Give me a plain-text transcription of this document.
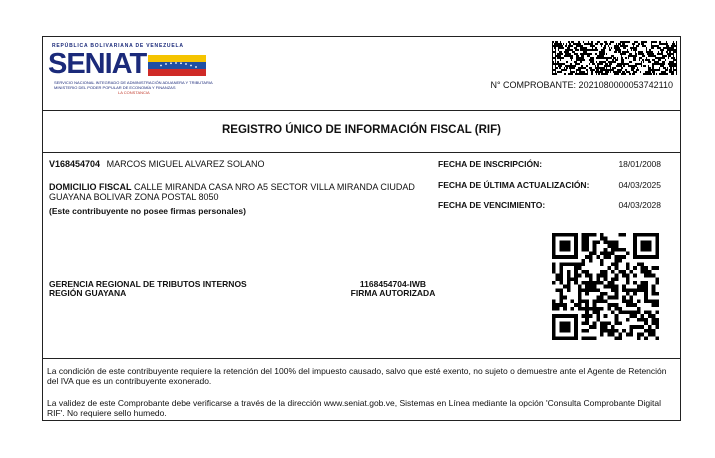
REPÚBLICA BOLIVARIANA DE VENEZUELA
SENIAT
SERVICIO NACIONAL INTEGRADO DE ADMINISTRACIÓN ADUANERA Y TRIBUTARIA
MINISTERIO DEL PODER POPULAR DE ECONOMÍA Y FINANZAS
LA CONSTANCIA
N° COMPROBANTE: 2021080000053742110
REGISTRO ÚNICO DE INFORMACIÓN FISCAL (RIF)
V168454704 MARCOS MIGUEL ALVAREZ SOLANO
DOMICILIO FISCAL CALLE MIRANDA CASA NRO A5 SECTOR VILLA MIRANDA CIUDAD GUAYANA BOLIVAR ZONA POSTAL 8050
(Este contribuyente no posee firmas personales)
FECHA DE INSCRIPCIÓN:	18/01/2008
FECHA DE ÚLTIMA ACTUALIZACIÓN:	04/03/2025
FECHA DE VENCIMIENTO:	04/03/2028
GERENCIA REGIONAL DE TRIBUTOS INTERNOS
REGIÓN GUAYANA
1168454704-IWB
FIRMA AUTORIZADA
La condición de este contribuyente requiere la retención del 100% del impuesto causado, salvo que esté exento, no sujeto o demuestre ante el Agente de Retención del IVA que es un contribuyente exonerado.
La validez de este Comprobante debe verificarse a través de la dirección www.seniat.gob.ve, Sistemas en Línea mediante la opción 'Consulta Comprobante Digital RIF'. No requiere sello humedo.
